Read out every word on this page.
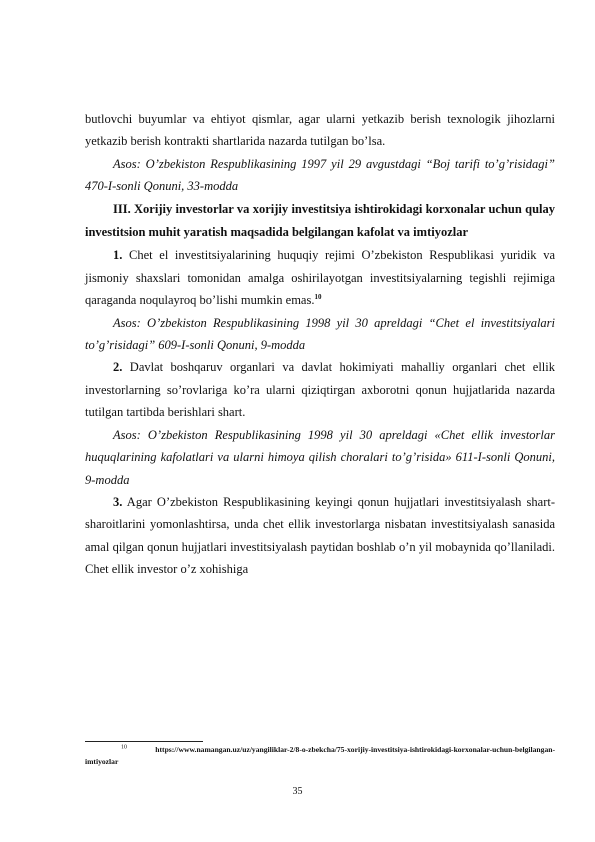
butlovchi buyumlar va ehtiyot qismlar, agar ularni yetkazib berish texnologik jihozlarni yetkazib berish kontrakti shartlarida nazarda tutilgan bo’lsa.

Asos: O’zbekiston Respublikasining 1997 yil 29 avgustdagi “Boj tarifi to’g’risidagi” 470-I-sonli Qonuni, 33-modda

III. Xorijiy investorlar va xorijiy investitsiya ishtirokidagi korxonalar uchun qulay investitsion muhit yaratish maqsadida belgilangan kafolat va imtiyozlar

1. Chet el investitsiyalarining huquqiy rejimi O’zbekiston Respublikasi yuridik va jismoniy shaxslari tomonidan amalga oshirilayotgan investitsiyalarning tegishli rejimiga qaraganda noqulayroq bo’lishi mumkin emas.$^{10}$

Asos: O’zbekiston Respublikasining 1998 yil 30 apreldagi “Chet el investitsiyalari to’g’risidagi” 609-I-sonli Qonuni, 9-modda

2. Davlat boshqaruv organlari va davlat hokimiyati mahalliy organlari chet ellik investorlarning so’rovlariga ko’ra ularni qiziqtirgan axborotni qonun hujjatlarida nazarda tutilgan tartibda berishlari shart.

Asos: O’zbekiston Respublikasining 1998 yil 30 apreldagi «Chet ellik investorlar huquqlarining kafolatlari va ularni himoya qilish choralari to’g’risida» 611-I-sonli Qonuni, 9-modda

3. Agar O’zbekiston Respublikasining keyingi qonun hujjatlari investitsiyalash shart-sharoitlarini yomonlashtirsa, unda chet ellik investorlarga nisbatan investitsiyalash sanasida amal qilgan qonun hujjatlari investitsiyalash paytidan boshlab o’n yil mobaynida qo’llaniladi. Chet ellik investor o’z xohishiga

$^{10}$ https://www.namangan.uz/uz/yangiliklar-2/8-o-zbekcha/75-xorijiy-investitsiya-ishtirokidagi-korxonalar-uchun-belgilangan-imtiyozlar

35
